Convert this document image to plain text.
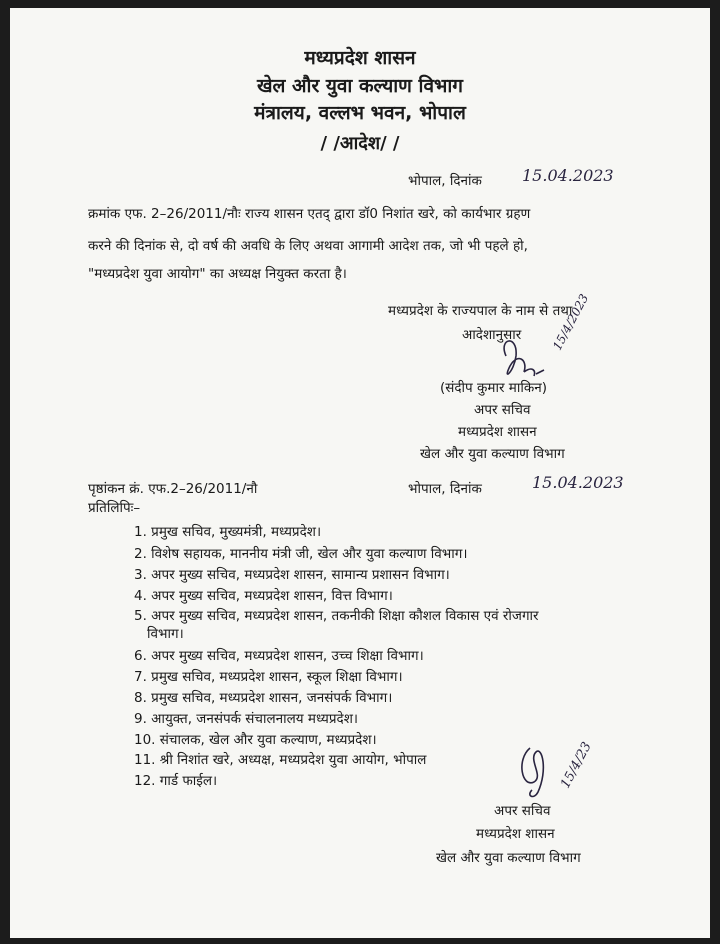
मध्यप्रदेश शासन
खेल और युवा कल्याण विभाग
मंत्रालय, वल्लभ भवन, भोपाल
/ /आदेश/ /
भोपाल, दिनांक	15.04.2023
क्रमांक एफ. 2–26/2011/नौः राज्य शासन एतद् द्वारा डॉ0 निशांत खरे, को कार्यभार ग्रहण
करने की दिनांक से, दो वर्ष की अवधि के लिए अथवा आगामी आदेश तक, जो भी पहले हो,
"मध्यप्रदेश युवा आयोग" का अध्यक्ष नियुक्त करता है।
मध्यप्रदेश के राज्यपाल के नाम से तथा
आदेशानुसार 15/4/2023
(संदीप कुमार माकिन)
अपर सचिव
मध्यप्रदेश शासन
खेल और युवा कल्याण विभाग
पृष्ठांकन क्रं. एफ.2–26/2011/नौ	भोपाल, दिनांक	15.04.2023
प्रतिलिपिः–
1. प्रमुख सचिव, मुख्यमंत्री, मध्यप्रदेश।
2. विशेष सहायक, माननीय मंत्री जी, खेल और युवा कल्याण विभाग।
3. अपर मुख्य सचिव, मध्यप्रदेश शासन, सामान्य प्रशासन विभाग।
4. अपर मुख्य सचिव, मध्यप्रदेश शासन, वित्त विभाग।
5. अपर मुख्य सचिव, मध्यप्रदेश शासन, तकनीकी शिक्षा कौशल विकास एवं रोजगार
विभाग।
6. अपर मुख्य सचिव, मध्यप्रदेश शासन, उच्च शिक्षा विभाग।
7. प्रमुख सचिव, मध्यप्रदेश शासन, स्कूल शिक्षा विभाग।
8. प्रमुख सचिव, मध्यप्रदेश शासन, जनसंपर्क विभाग।
9. आयुक्त, जनसंपर्क संचालनालय मध्यप्रदेश।
10. संचालक, खेल और युवा कल्याण, मध्यप्रदेश।
11. श्री निशांत खरे, अध्यक्ष, मध्यप्रदेश युवा आयोग, भोपाल
12. गार्ड फाईल।	15/4/23
अपर सचिव
मध्यप्रदेश शासन
खेल और युवा कल्याण विभाग
